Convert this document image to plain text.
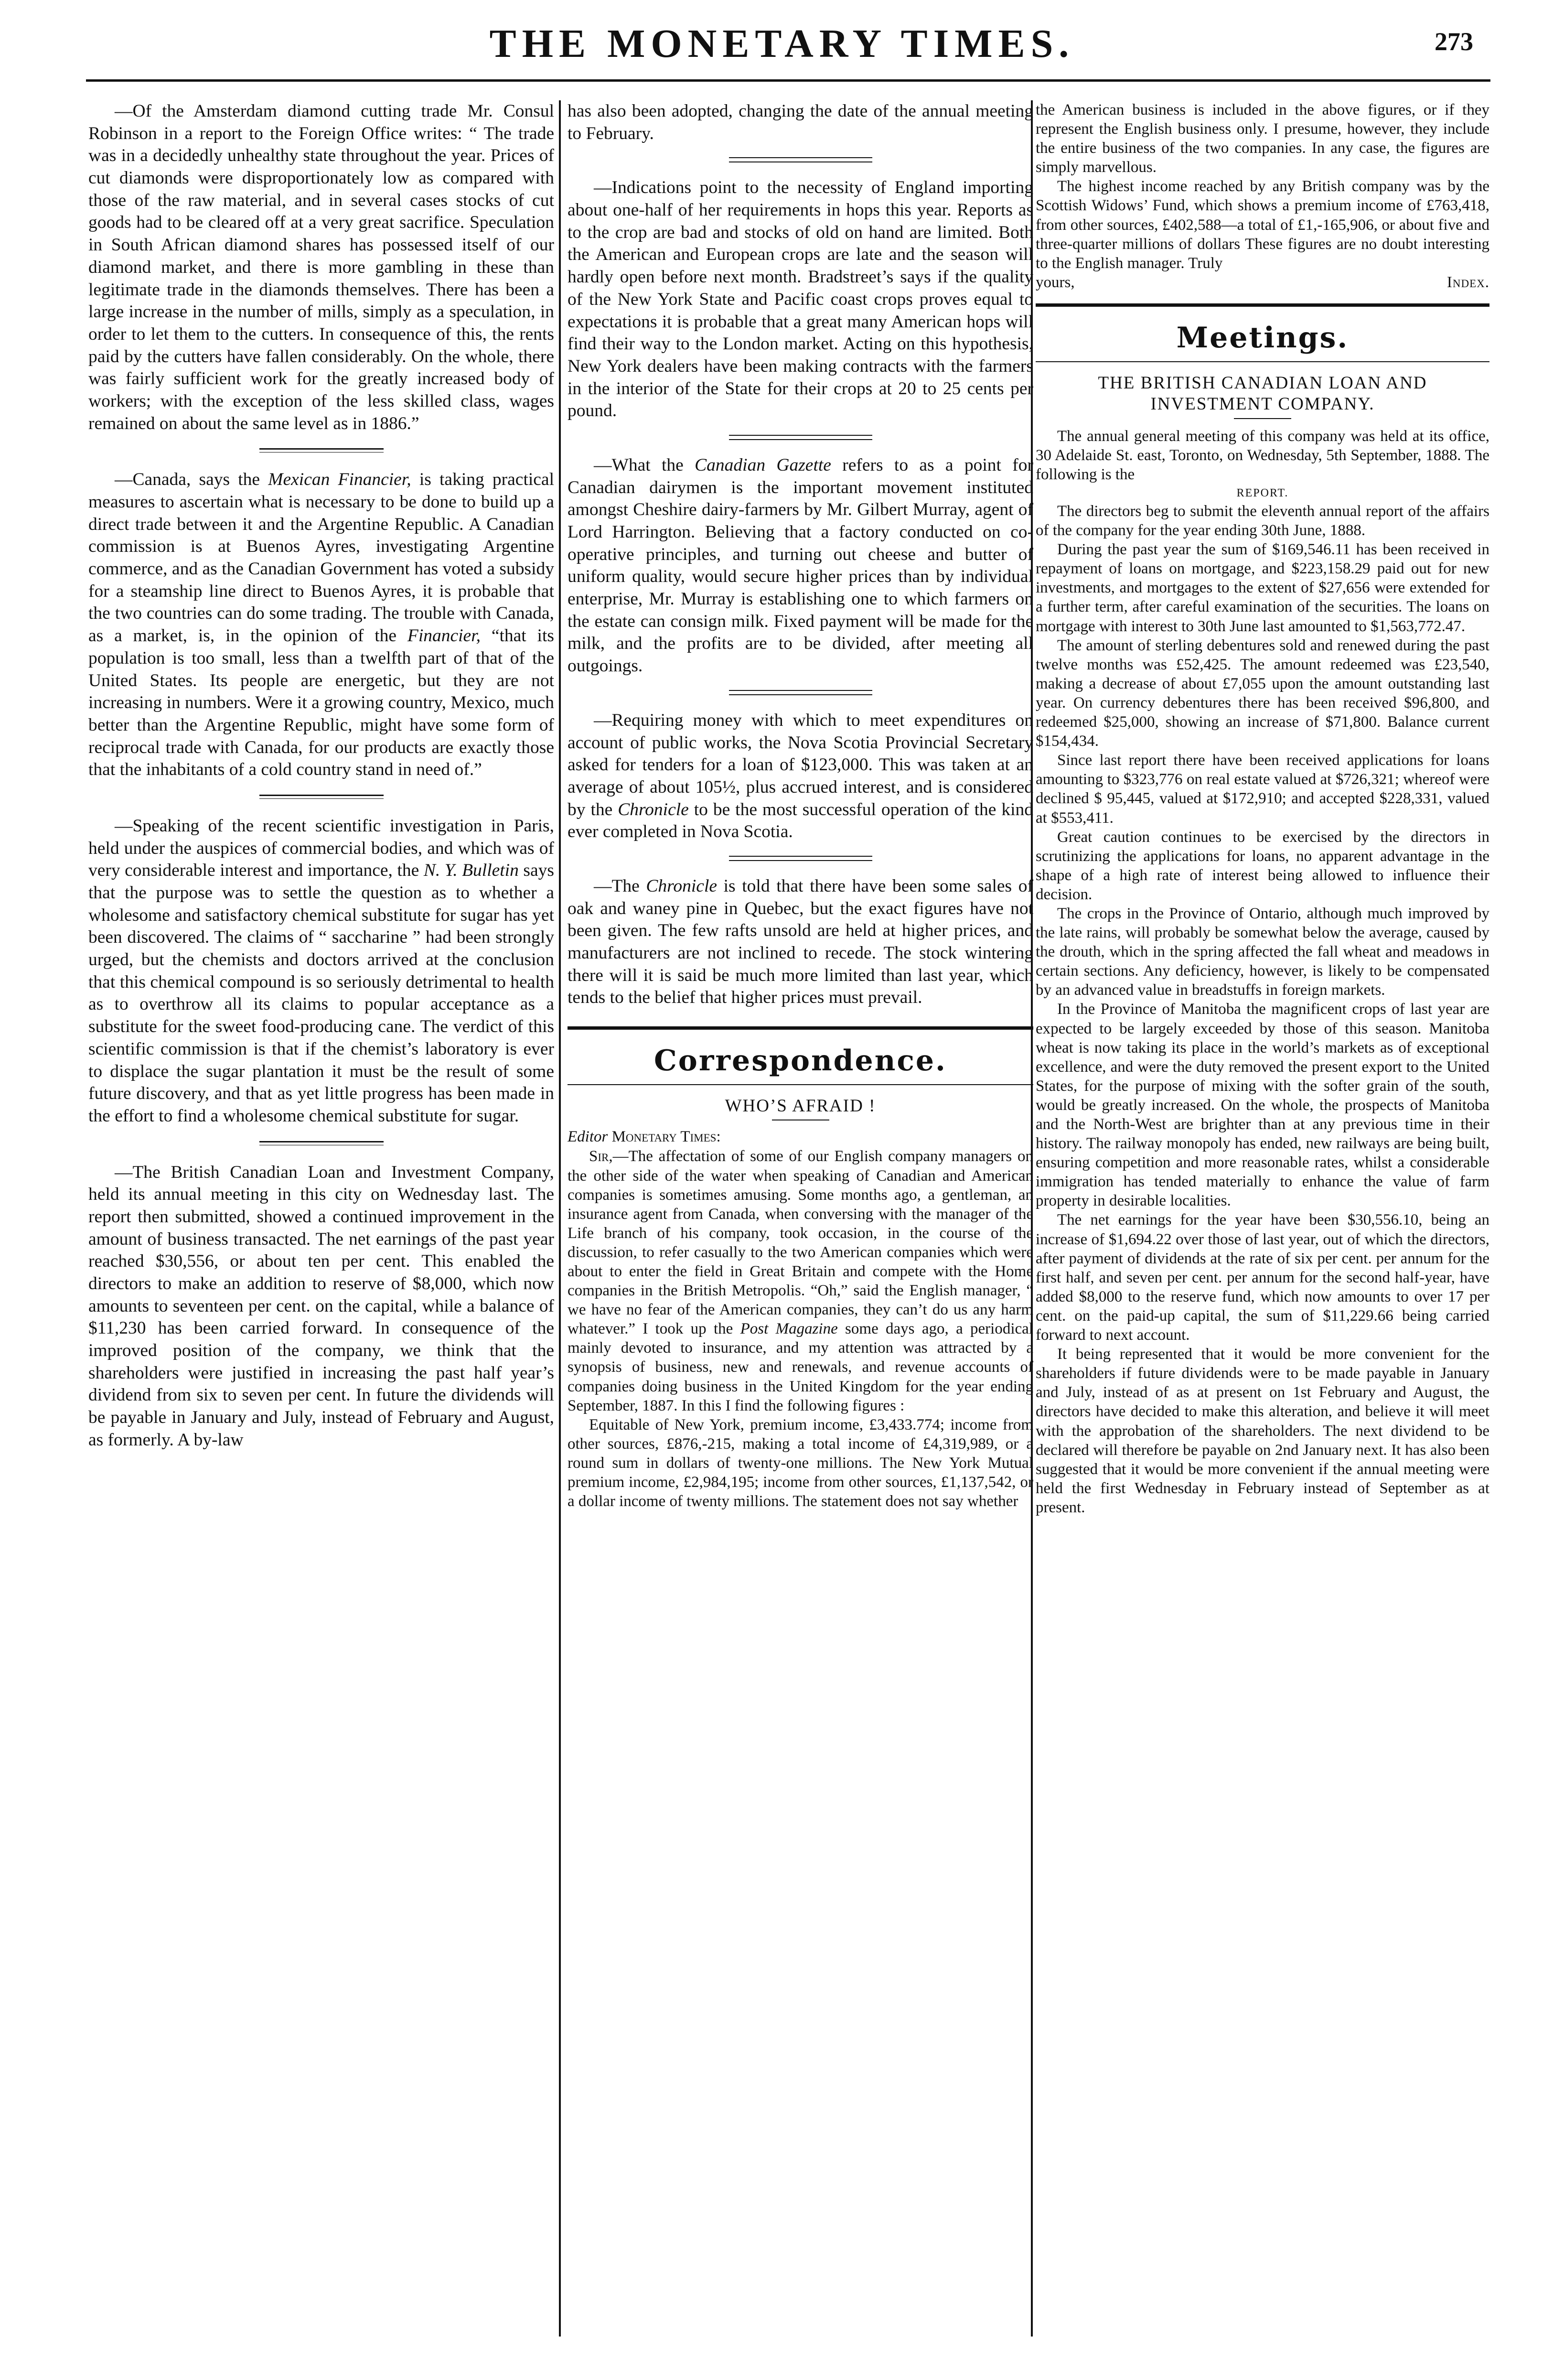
THE MONETARY TIMES.	273

—Of the Amsterdam diamond cutting trade Mr. Consul Robinson in a report to the Foreign Office writes: “ The trade was in a decidedly unhealthy state throughout the year. Prices of cut diamonds were disproportionately low as compared with those of the raw material, and in several cases stocks of cut goods had to be cleared off at a very great sacrifice. Speculation in South African diamond shares has possessed itself of our diamond market, and there is more gambling in these than legitimate trade in the diamonds themselves. There has been a large increase in the number of mills, simply as a speculation, in order to let them to the cutters. In consequence of this, the rents paid by the cutters have fallen considerably. On the whole, there was fairly sufficient work for the greatly increased body of workers; with the exception of the less skilled class, wages remained on about the same level as in 1886.”

—Canada, says the Mexican Financier, is taking practical measures to ascertain what is necessary to be done to build up a direct trade between it and the Argentine Republic. A Canadian commission is at Buenos Ayres, investigating Argentine commerce, and as the Canadian Government has voted a subsidy for a steamship line direct to Buenos Ayres, it is probable that the two countries can do some trading. The trouble with Canada, as a market, is, in the opinion of the Financier, “that its population is too small, less than a twelfth part of that of the United States. Its people are energetic, but they are not increasing in numbers. Were it a growing country, Mexico, much better than the Argentine Republic, might have some form of reciprocal trade with Canada, for our products are exactly those that the inhabitants of a cold country stand in need of.”

—Speaking of the recent scientific investigation in Paris, held under the auspices of commercial bodies, and which was of very considerable interest and importance, the N. Y. Bulletin says that the purpose was to settle the question as to whether a wholesome and satisfactory chemical substitute for sugar has yet been discovered. The claims of “ saccharine ” had been strongly urged, but the chemists and doctors arrived at the conclusion that this chemical compound is so seriously detrimental to health as to overthrow all its claims to popular acceptance as a substitute for the sweet food-producing cane. The verdict of this scientific commission is that if the chemist’s laboratory is ever to displace the sugar plantation it must be the result of some future discovery, and that as yet little progress has been made in the effort to find a wholesome chemical substitute for sugar.

—The British Canadian Loan and Investment Company, held its annual meeting in this city on Wednesday last. The report then submitted, showed a continued improvement in the amount of business transacted. The net earnings of the past year reached $30,556, or about ten per cent. This enabled the directors to make an addition to reserve of $8,000, which now amounts to seventeen per cent. on the capital, while a balance of $11,230 has been carried forward. In consequence of the improved position of the company, we think that the shareholders were justified in increasing the past half year’s dividend from six to seven per cent. In future the dividends will be payable in January and July, instead of February and August, as formerly. A by-law

has also been adopted, changing the date of the annual meeting to February.

—Indications point to the necessity of England importing about one-half of her requirements in hops this year. Reports as to the crop are bad and stocks of old on hand are limited. Both the American and European crops are late and the season will hardly open before next month. Bradstreet’s says if the quality of the New York State and Pacific coast crops proves equal to expectations it is probable that a great many American hops will find their way to the London market. Acting on this hypothesis, New York dealers have been making contracts with the farmers in the interior of the State for their crops at 20 to 25 cents per pound.

—What the Canadian Gazette refers to as a point for Canadian dairymen is the important movement instituted amongst Cheshire dairy-farmers by Mr. Gilbert Murray, agent of Lord Harrington. Believing that a factory conducted on co-operative principles, and turning out cheese and butter of uniform quality, would secure higher prices than by individual enterprise, Mr. Murray is establishing one to which farmers on the estate can consign milk. Fixed payment will be made for the milk, and the profits are to be divided, after meeting all outgoings.

—Requiring money with which to meet expenditures on account of public works, the Nova Scotia Provincial Secretary asked for tenders for a loan of $123,000. This was taken at an average of about 105½, plus accrued interest, and is considered by the Chronicle to be the most successful operation of the kind ever completed in Nova Scotia.

—The Chronicle is told that there have been some sales of oak and waney pine in Quebec, but the exact figures have not been given. The few rafts unsold are held at higher prices, and manufacturers are not inclined to recede. The stock wintering there will it is said be much more limited than last year, which tends to the belief that higher prices must prevail.

Correspondence.
WHO’S AFRAID !
Editor Monetary Times:

Sir,—The affectation of some of our English company managers on the other side of the water when speaking of Canadian and American companies is sometimes amusing. Some months ago, a gentleman, an insurance agent from Canada, when conversing with the manager of the Life branch of his company, took occasion, in the course of the discussion, to refer casually to the two American companies which were about to enter the field in Great Britain and compete with the Home companies in the British Metropolis. “Oh,” said the English manager, “ we have no fear of the American companies, they can’t do us any harm whatever.” I took up the Post Magazine some days ago, a periodical mainly devoted to insurance, and my attention was attracted by a synopsis of business, new and renewals, and revenue accounts of companies doing business in the United Kingdom for the year ending September, 1887. In this I find the following figures :

Equitable of New York, premium income, £3,433.774; income from other sources, £876,-215, making a total income of £4,319,989, or a round sum in dollars of twenty-one millions. The New York Mutual premium income, £2,984,195; income from other sources, £1,137,542, or a dollar income of twenty millions. The statement does not say whether

the American business is included in the above figures, or if they represent the English business only. I presume, however, they include the entire business of the two companies. In any case, the figures are simply marvellous.

The highest income reached by any British company was by the Scottish Widows’ Fund, which shows a premium income of £763,418, from other sources, £402,588—a total of £1,-165,906, or about five and three-quarter millions of dollars These figures are no doubt interesting to the English manager. Truly

yours,	Index.
Meetings.
THE BRITISH CANADIAN LOAN AND INVESTMENT COMPANY.

The annual general meeting of this company was held at its office, 30 Adelaide St. east, Toronto, on Wednesday, 5th September, 1888. The following is the

REPORT.

The directors beg to submit the eleventh annual report of the affairs of the company for the year ending 30th June, 1888.

During the past year the sum of $169,546.11 has been received in repayment of loans on mortgage, and $223,158.29 paid out for new investments, and mortgages to the extent of $27,656 were extended for a further term, after careful examination of the securities. The loans on mortgage with interest to 30th June last amounted to $1,563,772.47.

The amount of sterling debentures sold and renewed during the past twelve months was £52,425. The amount redeemed was £23,540, making a decrease of about £7,055 upon the amount outstanding last year. On currency debentures there has been received $96,800, and redeemed $25,000, showing an increase of $71,800. Balance current $154,434.

Since last report there have been received applications for loans amounting to $323,776 on real estate valued at $726,321; whereof were declined $ 95,445, valued at $172,910; and accepted $228,331, valued at $553,411.

Great caution continues to be exercised by the directors in scrutinizing the applications for loans, no apparent advantage in the shape of a high rate of interest being allowed to influence their decision.

The crops in the Province of Ontario, although much improved by the late rains, will probably be somewhat below the average, caused by the drouth, which in the spring affected the fall wheat and meadows in certain sections. Any deficiency, however, is likely to be compensated by an advanced value in breadstuffs in foreign markets.

In the Province of Manitoba the magnificent crops of last year are expected to be largely exceeded by those of this season. Manitoba wheat is now taking its place in the world’s markets as of exceptional excellence, and were the duty removed the present export to the United States, for the purpose of mixing with the softer grain of the south, would be greatly increased. On the whole, the prospects of Manitoba and the North-West are brighter than at any previous time in their history. The railway monopoly has ended, new railways are being built, ensuring competition and more reasonable rates, whilst a considerable immigration has tended materially to enhance the value of farm property in desirable localities.

The net earnings for the year have been $30,556.10, being an increase of $1,694.22 over those of last year, out of which the directors, after payment of dividends at the rate of six per cent. per annum for the first half, and seven per cent. per annum for the second half-year, have added $8,000 to the reserve fund, which now amounts to over 17 per cent. on the paid-up capital, the sum of $11,229.66 being carried forward to next account.

It being represented that it would be more convenient for the shareholders if future dividends were to be made payable in January and July, instead of as at present on 1st February and August, the directors have decided to make this alteration, and believe it will meet with the approbation of the shareholders. The next dividend to be declared will therefore be payable on 2nd January next. It has also been suggested that it would be more convenient if the annual meeting were held the first Wednesday in February instead of September as at present.
